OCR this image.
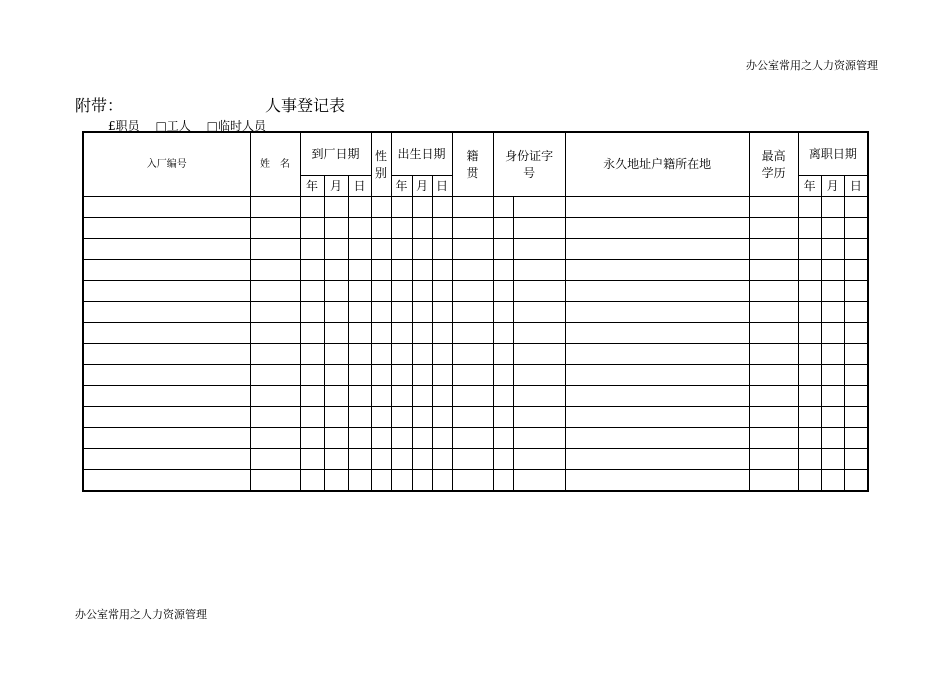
办公室常用之人力资源管理
附带：	人事登记表
£职员 □工人 □临时人员
入厂编号	姓　名	到厂日期			性别	出生日期			籍贯	身份证字号		永久地址户籍所在地	最高学历	离职日期		
		年	月	日		年	月	日						年	月	日

办公室常用之人力资源管理
